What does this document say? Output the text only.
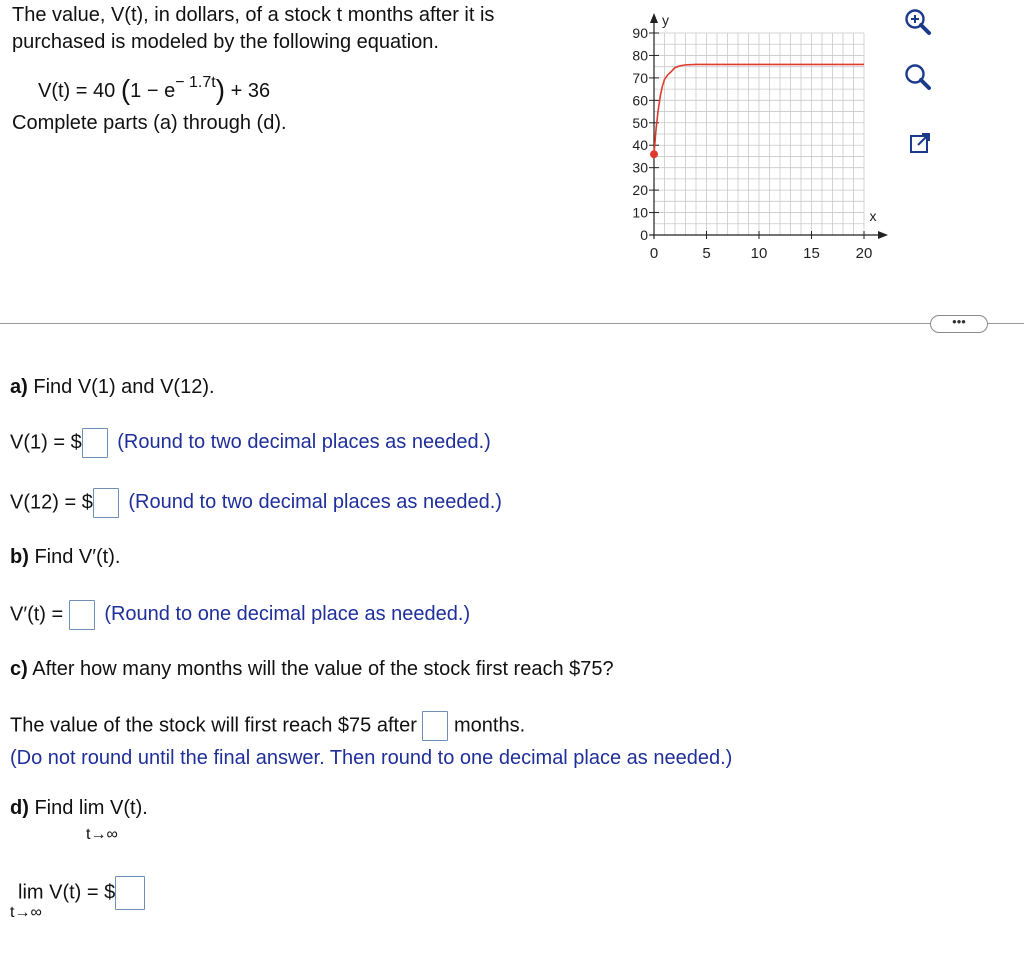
The value, V(t), in dollars, of a stock t months after it is
purchased is modeled by the following equation.
V(t) = 40 $(1 - e^{- 1.7t}) + 36$
Complete parts (a) through (d).
y
x
0
10
20
30
40
50
60
70
80
90
0	5	10 15 20
•••
a) Find V(1) and V(12).
V(1) = $ (Round to two decimal places as needed.)
V(12) = $ (Round to two decimal places as needed.)
b) Find V′(t).
V′(t) = (Round to one decimal place as needed.)
c) After how many months will the value of the stock first reach $75?
The value of the stock will first reach $75 after months.
(Do not round until the final answer. Then round to one decimal place as needed.)
d) Find lim V(t).
t→∞
lim V(t) = $
t→∞
